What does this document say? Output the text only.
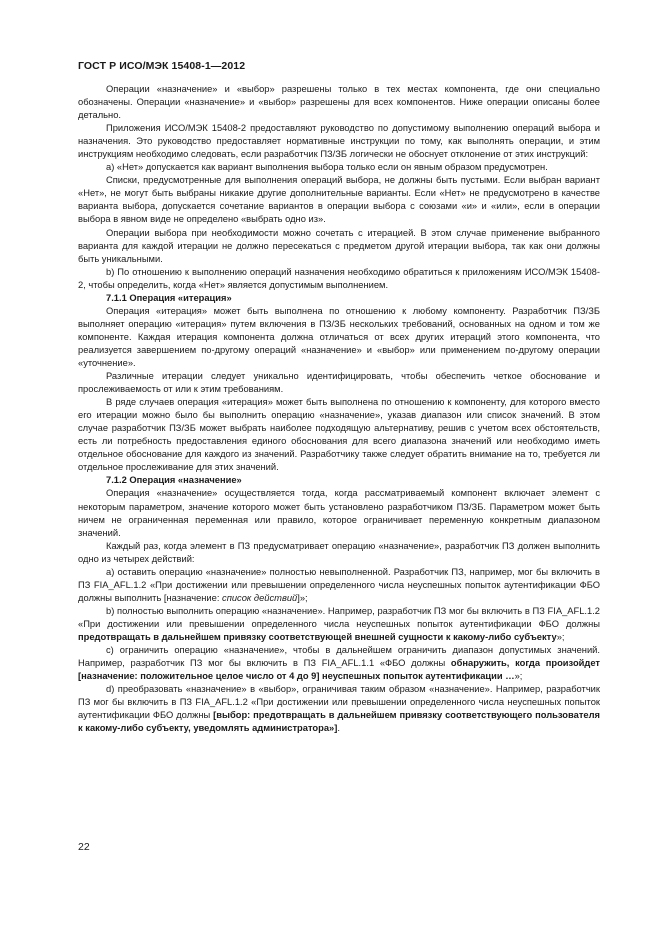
ГОСТ Р ИСО/МЭК 15408-1—2012

Операции «назначение» и «выбор» разрешены только в тех местах компонента, где они специально обозначены. Операции «назначение» и «выбор» разрешены для всех компонентов. Ниже операции описаны более детально.

Приложения ИСО/МЭК 15408-2 предоставляют руководство по допустимому выполнению операций выбора и назначения. Это руководство предоставляет нормативные инструкции по тому, как выполнять операции, и этим инструкциям необходимо следовать, если разработчик ПЗ/ЗБ логически не обоснует отклонение от этих инструкций:

а) «Нет» допускается как вариант выполнения выбора только если он явным образом предусмотрен.

Списки, предусмотренные для выполнения операций выбора, не должны быть пустыми. Если выбран вариант «Нет», не могут быть выбраны никакие другие дополнительные варианты. Если «Нет» не предусмотрено в качестве варианта выбора, допускается сочетание вариантов в операции выбора с союзами «и» и «или», если в операции выбора в явном виде не определено «выбрать одно из».

Операции выбора при необходимости можно сочетать с итерацией. В этом случае применение выбранного варианта для каждой итерации не должно пересекаться с предметом другой итерации выбора, так как они должны быть уникальными.

b) По отношению к выполнению операций назначения необходимо обратиться к приложениям ИСО/МЭК 15408-2, чтобы определить, когда «Нет» является допустимым выполнением.

7.1.1 Операция «итерация»

Операция «итерация» может быть выполнена по отношению к любому компоненту. Разработчик ПЗ/ЗБ выполняет операцию «итерация» путем включения в ПЗ/ЗБ нескольких требований, основанных на одном и том же компоненте. Каждая итерация компонента должна отличаться от всех других итераций этого компонента, что реализуется завершением по-другому операций «назначение» и «выбор» или применением по-другому операции «уточнение».

Различные итерации следует уникально идентифицировать, чтобы обеспечить четкое обоснование и прослеживаемость от или к этим требованиям.

В ряде случаев операция «итерация» может быть выполнена по отношению к компоненту, для которого вместо его итерации можно было бы выполнить операцию «назначение», указав диапазон или список значений. В этом случае разработчик ПЗ/ЗБ может выбрать наиболее подходящую альтернативу, решив с учетом всех обстоятельств, есть ли потребность предоставления единого обоснования для всего диапазона значений или необходимо иметь отдельное обоснование для каждого из значений. Разработчику также следует обратить внимание на то, требуется ли отдельное прослеживание для этих значений.

7.1.2 Операция «назначение»

Операция «назначение» осуществляется тогда, когда рассматриваемый компонент включает элемент с некоторым параметром, значение которого может быть установлено разработчиком ПЗ/ЗБ. Параметром может быть ничем не ограниченная переменная или правило, которое ограничивает переменную конкретным диапазоном значений.

Каждый раз, когда элемент в ПЗ предусматривает операцию «назначение», разработчик ПЗ должен выполнить одно из четырех действий:

а) оставить операцию «назначение» полностью невыполненной. Разработчик ПЗ, например, мог бы включить в ПЗ FIA_AFL.1.2 «При достижении или превышении определенного числа неуспешных попыток аутентификации ФБО должны выполнить [назначение: список действий]»;

b) полностью выполнить операцию «назначение». Например, разработчик ПЗ мог бы включить в ПЗ FIA_AFL.1.2 «При достижении или превышении определенного числа неуспешных попыток аутентификации ФБО должны предотвращать в дальнейшем привязку соответствующей внешней сущности к какому-либо субъекту»;

с) ограничить операцию «назначение», чтобы в дальнейшем ограничить диапазон допустимых значений. Например, разработчик ПЗ мог бы включить в ПЗ FIA_AFL.1.1 «ФБО должны обнаружить, когда произойдет [назначение: положительное целое число от 4 до 9] неуспешных попыток аутентификации …»;

d) преобразовать «назначение» в «выбор», ограничивая таким образом «назначение». Например, разработчик ПЗ мог бы включить в ПЗ FIA_AFL.1.2 «При достижении или превышении определенного числа неуспешных попыток аутентификации ФБО должны [выбор: предотвращать в дальнейшем привязку соответствующего пользователя к какому-либо субъекту, уведомлять администратора»].

22
